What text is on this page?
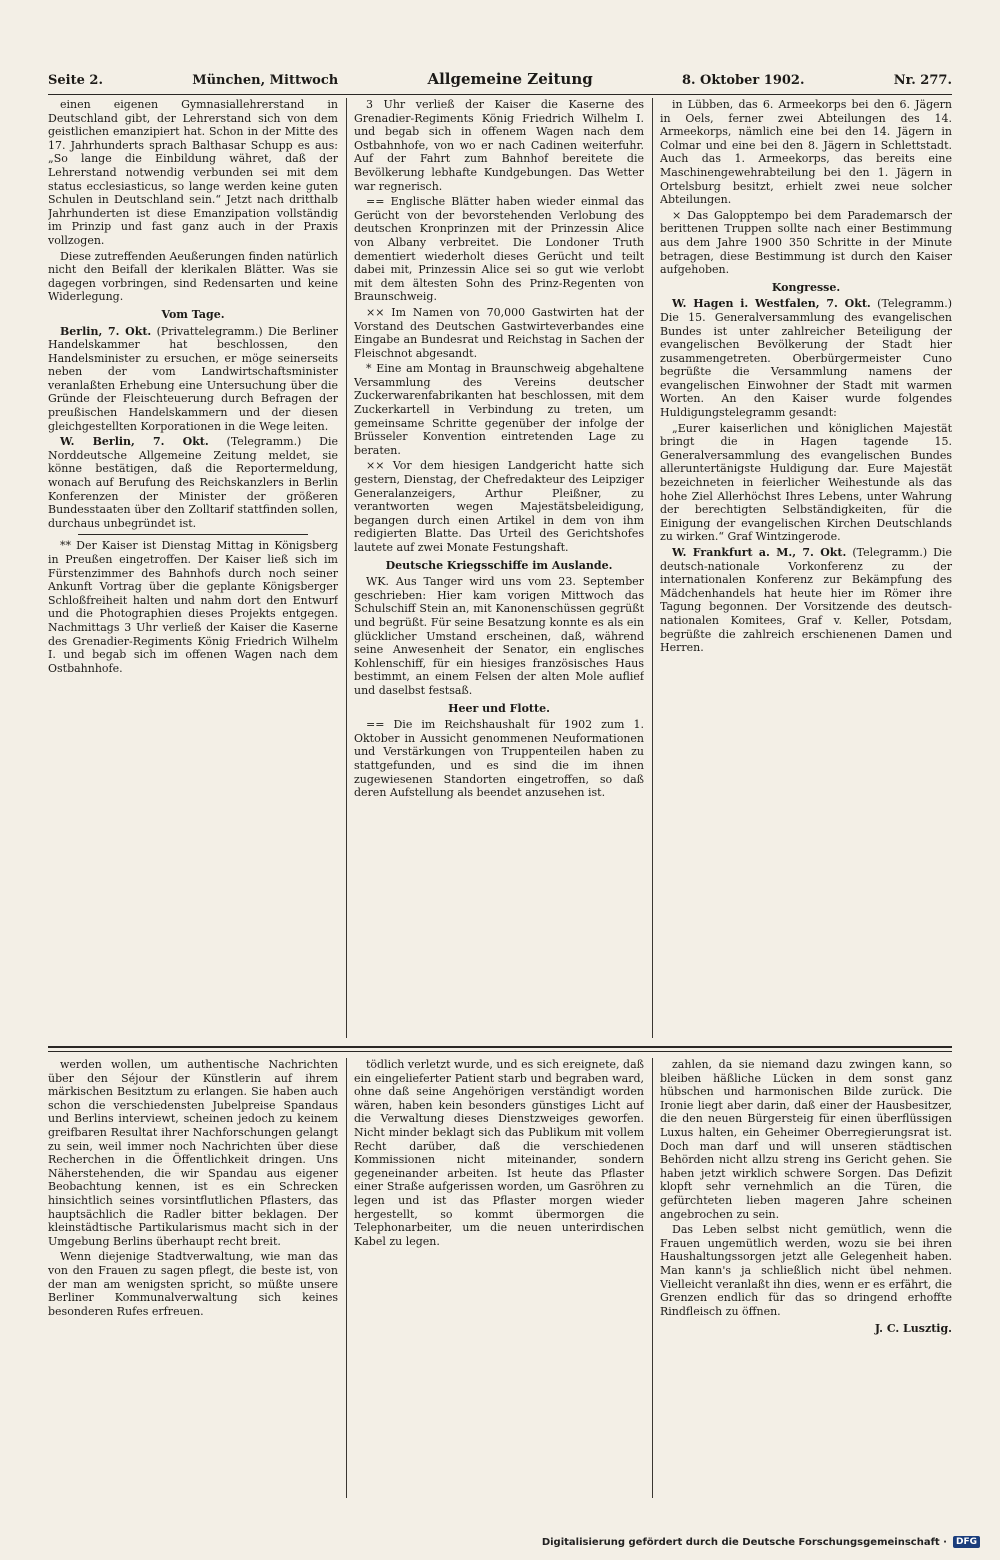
Seite 2.	München, Mittwoch	Allgemeine Zeitung	8. Oktober 1902.	Nr. 277.

einen eigenen Gymnasiallehrerstand in Deutschland gibt, der Lehrerstand sich von dem geistlichen emanzipiert hat. Schon in der Mitte des 17. Jahrhunderts sprach Balthasar Schupp es aus: „So lange die Einbildung währet, daß der Lehrerstand notwendig verbunden sei mit dem status ecclesiasticus, so lange werden keine guten Schulen in Deutschland sein.“ Jetzt nach dritthalb Jahrhunderten ist diese Emanzipation vollständig im Prinzip und fast ganz auch in der Praxis vollzogen.

Diese zutreffenden Aeußerungen finden natürlich nicht den Beifall der klerikalen Blätter. Was sie dagegen vorbringen, sind Redensarten und keine Widerlegung.

Vom Tage.

Berlin, 7. Okt. (Privattelegramm.) Die Berliner Handelskammer hat beschlossen, den Handelsminister zu ersuchen, er möge seinerseits neben der vom Landwirtschaftsminister veranlaßten Erhebung eine Untersuchung über die Gründe der Fleischteuerung durch Befragen der preußischen Handelskammern und der diesen gleichgestellten Korporationen in die Wege leiten.

W. Berlin, 7. Okt. (Telegramm.) Die Norddeutsche Allgemeine Zeitung meldet, sie könne bestätigen, daß die Reportermeldung, wonach auf Berufung des Reichskanzlers in Berlin Konferenzen der Minister der größeren Bundesstaaten über den Zolltarif stattfinden sollen, durchaus unbegründet ist.

** Der Kaiser ist Dienstag Mittag in Königsberg in Preußen eingetroffen. Der Kaiser ließ sich im Fürstenzimmer des Bahnhofs durch noch seiner Ankunft Vortrag über die geplante Königsberger Schloßfreiheit halten und nahm dort den Entwurf und die Photographien dieses Projekts entgegen. Nachmittags 3 Uhr verließ der Kaiser die Kaserne des Grenadier-Regiments König Friedrich Wilhelm I. und begab sich im offenen Wagen nach dem Ostbahnhofe.

3 Uhr verließ der Kaiser die Kaserne des Grenadier-Regiments König Friedrich Wilhelm I. und begab sich in offenem Wagen nach dem Ostbahnhofe, von wo er nach Cadinen weiterfuhr. Auf der Fahrt zum Bahnhof bereitete die Bevölkerung lebhafte Kundgebungen. Das Wetter war regnerisch.

== Englische Blätter haben wieder einmal das Gerücht von der bevorstehenden Verlobung des deutschen Kronprinzen mit der Prinzessin Alice von Albany verbreitet. Die Londoner Truth dementiert wiederholt dieses Gerücht und teilt dabei mit, Prinzessin Alice sei so gut wie verlobt mit dem ältesten Sohn des Prinz-Regenten von Braunschweig.

×× Im Namen von 70,000 Gastwirten hat der Vorstand des Deutschen Gastwirteverbandes eine Eingabe an Bundesrat und Reichstag in Sachen der Fleischnot abgesandt.

* Eine am Montag in Braunschweig abgehaltene Versammlung des Vereins deutscher Zuckerwarenfabrikanten hat beschlossen, mit dem Zuckerkartell in Verbindung zu treten, um gemeinsame Schritte gegenüber der infolge der Brüsseler Konvention eintretenden Lage zu beraten.

×× Vor dem hiesigen Landgericht hatte sich gestern, Dienstag, der Chefredakteur des Leipziger Generalanzeigers, Arthur Pleißner, zu verantworten wegen Majestätsbeleidigung, begangen durch einen Artikel in dem von ihm redigierten Blatte. Das Urteil des Gerichtshofes lautete auf zwei Monate Festungshaft.

Deutsche Kriegsschiffe im Auslande.

WK. Aus Tanger wird uns vom 23. September geschrieben: Hier kam vorigen Mittwoch das Schulschiff Stein an, mit Kanonenschüssen gegrüßt und begrüßt. Für seine Besatzung konnte es als ein glücklicher Umstand erscheinen, daß, während seine Anwesenheit der Senator, ein englisches Kohlenschiff, für ein hiesiges französisches Haus bestimmt, an einem Felsen der alten Mole auflief und daselbst festsaß.

Heer und Flotte.

== Die im Reichshaushalt für 1902 zum 1. Oktober in Aussicht genommenen Neuformationen und Verstärkungen von Truppenteilen haben zu stattgefunden, und es sind die im ihnen zugewiesenen Standorten eingetroffen, so daß deren Aufstellung als beendet anzusehen ist.

in Lübben, das 6. Armeekorps bei den 6. Jägern in Oels, ferner zwei Abteilungen des 14. Armeekorps, nämlich eine bei den 14. Jägern in Colmar und eine bei den 8. Jägern in Schlettstadt. Auch das 1. Armeekorps, das bereits eine Maschinengewehrabteilung bei den 1. Jägern in Ortelsburg besitzt, erhielt zwei neue solcher Abteilungen.

× Das Galopptempo bei dem Parademarsch der berittenen Truppen sollte nach einer Bestimmung aus dem Jahre 1900 350 Schritte in der Minute betragen, diese Bestimmung ist durch den Kaiser aufgehoben.

Kongresse.

W. Hagen i. Westfalen, 7. Okt. (Telegramm.) Die 15. Generalversammlung des evangelischen Bundes ist unter zahlreicher Beteiligung der evangelischen Bevölkerung der Stadt hier zusammengetreten. Oberbürgermeister Cuno begrüßte die Versammlung namens der evangelischen Einwohner der Stadt mit warmen Worten. An den Kaiser wurde folgendes Huldigungstelegramm gesandt:

„Eurer kaiserlichen und königlichen Majestät bringt die in Hagen tagende 15. Generalversammlung des evangelischen Bundes alleruntertänigste Huldigung dar. Eure Majestät bezeichneten in feierlicher Weihestunde als das hohe Ziel Allerhöchst Ihres Lebens, unter Wahrung der berechtigten Selbständigkeiten, für die Einigung der evangelischen Kirchen Deutschlands zu wirken.“ Graf Wintzingerode.

W. Frankfurt a. M., 7. Okt. (Telegramm.) Die deutsch-nationale Vorkonferenz zu der internationalen Konferenz zur Bekämpfung des Mädchenhandels hat heute hier im Römer ihre Tagung begonnen. Der Vorsitzende des deutsch-nationalen Komitees, Graf v. Keller, Potsdam, begrüßte die zahlreich erschienenen Damen und Herren.

werden wollen, um authentische Nachrichten über den Séjour der Künstlerin auf ihrem märkischen Besitztum zu erlangen. Sie haben auch schon die verschiedensten Jubelpreise Spandaus und Berlins interviewt, scheinen jedoch zu keinem greifbaren Resultat ihrer Nachforschungen gelangt zu sein, weil immer noch Nachrichten über diese Recherchen in die Öffentlichkeit dringen. Uns Näherstehenden, die wir Spandau aus eigener Beobachtung kennen, ist es ein Schrecken hinsichtlich seines vorsintflutlichen Pflasters, das hauptsächlich die Radler bitter beklagen. Der kleinstädtische Partikularismus macht sich in der Umgebung Berlins überhaupt recht breit.

Wenn diejenige Stadtverwaltung, wie man das von den Frauen zu sagen pflegt, die beste ist, von der man am wenigsten spricht, so müßte unsere Berliner Kommunalverwaltung sich keines besonderen Rufes erfreuen.

tödlich verletzt wurde, und es sich ereignete, daß ein eingelieferter Patient starb und begraben ward, ohne daß seine Angehörigen verständigt worden wären, haben kein besonders günstiges Licht auf die Verwaltung dieses Dienstzweiges geworfen. Nicht minder beklagt sich das Publikum mit vollem Recht darüber, daß die verschiedenen Kommissionen nicht miteinander, sondern gegeneinander arbeiten. Ist heute das Pflaster einer Straße aufgerissen worden, um Gasröhren zu legen und ist das Pflaster morgen wieder hergestellt, so kommt übermorgen die Telephonarbeiter, um die neuen unterirdischen Kabel zu legen.

zahlen, da sie niemand dazu zwingen kann, so bleiben häßliche Lücken in dem sonst ganz hübschen und harmonischen Bilde zurück. Die Ironie liegt aber darin, daß einer der Hausbesitzer, die den neuen Bürgersteig für einen überflüssigen Luxus halten, ein Geheimer Oberregierungsrat ist. Doch man darf und will unseren städtischen Behörden nicht allzu streng ins Gericht gehen. Sie haben jetzt wirklich schwere Sorgen. Das Defizit klopft sehr vernehmlich an die Türen, die gefürchteten lieben mageren Jahre scheinen angebrochen zu sein.

Das Leben selbst nicht gemütlich, wenn die Frauen ungemütlich werden, wozu sie bei ihren Haushaltungssorgen jetzt alle Gelegenheit haben. Man kann's ja schließlich nicht übel nehmen. Vielleicht veranlaßt ihn dies, wenn er es erfährt, die Grenzen endlich für das so dringend erhoffte Rindfleisch zu öffnen.

J. C. Lusztig.
Digitalisierung gefördert durch die Deutsche Forschungsgemeinschaft ·	DFG
